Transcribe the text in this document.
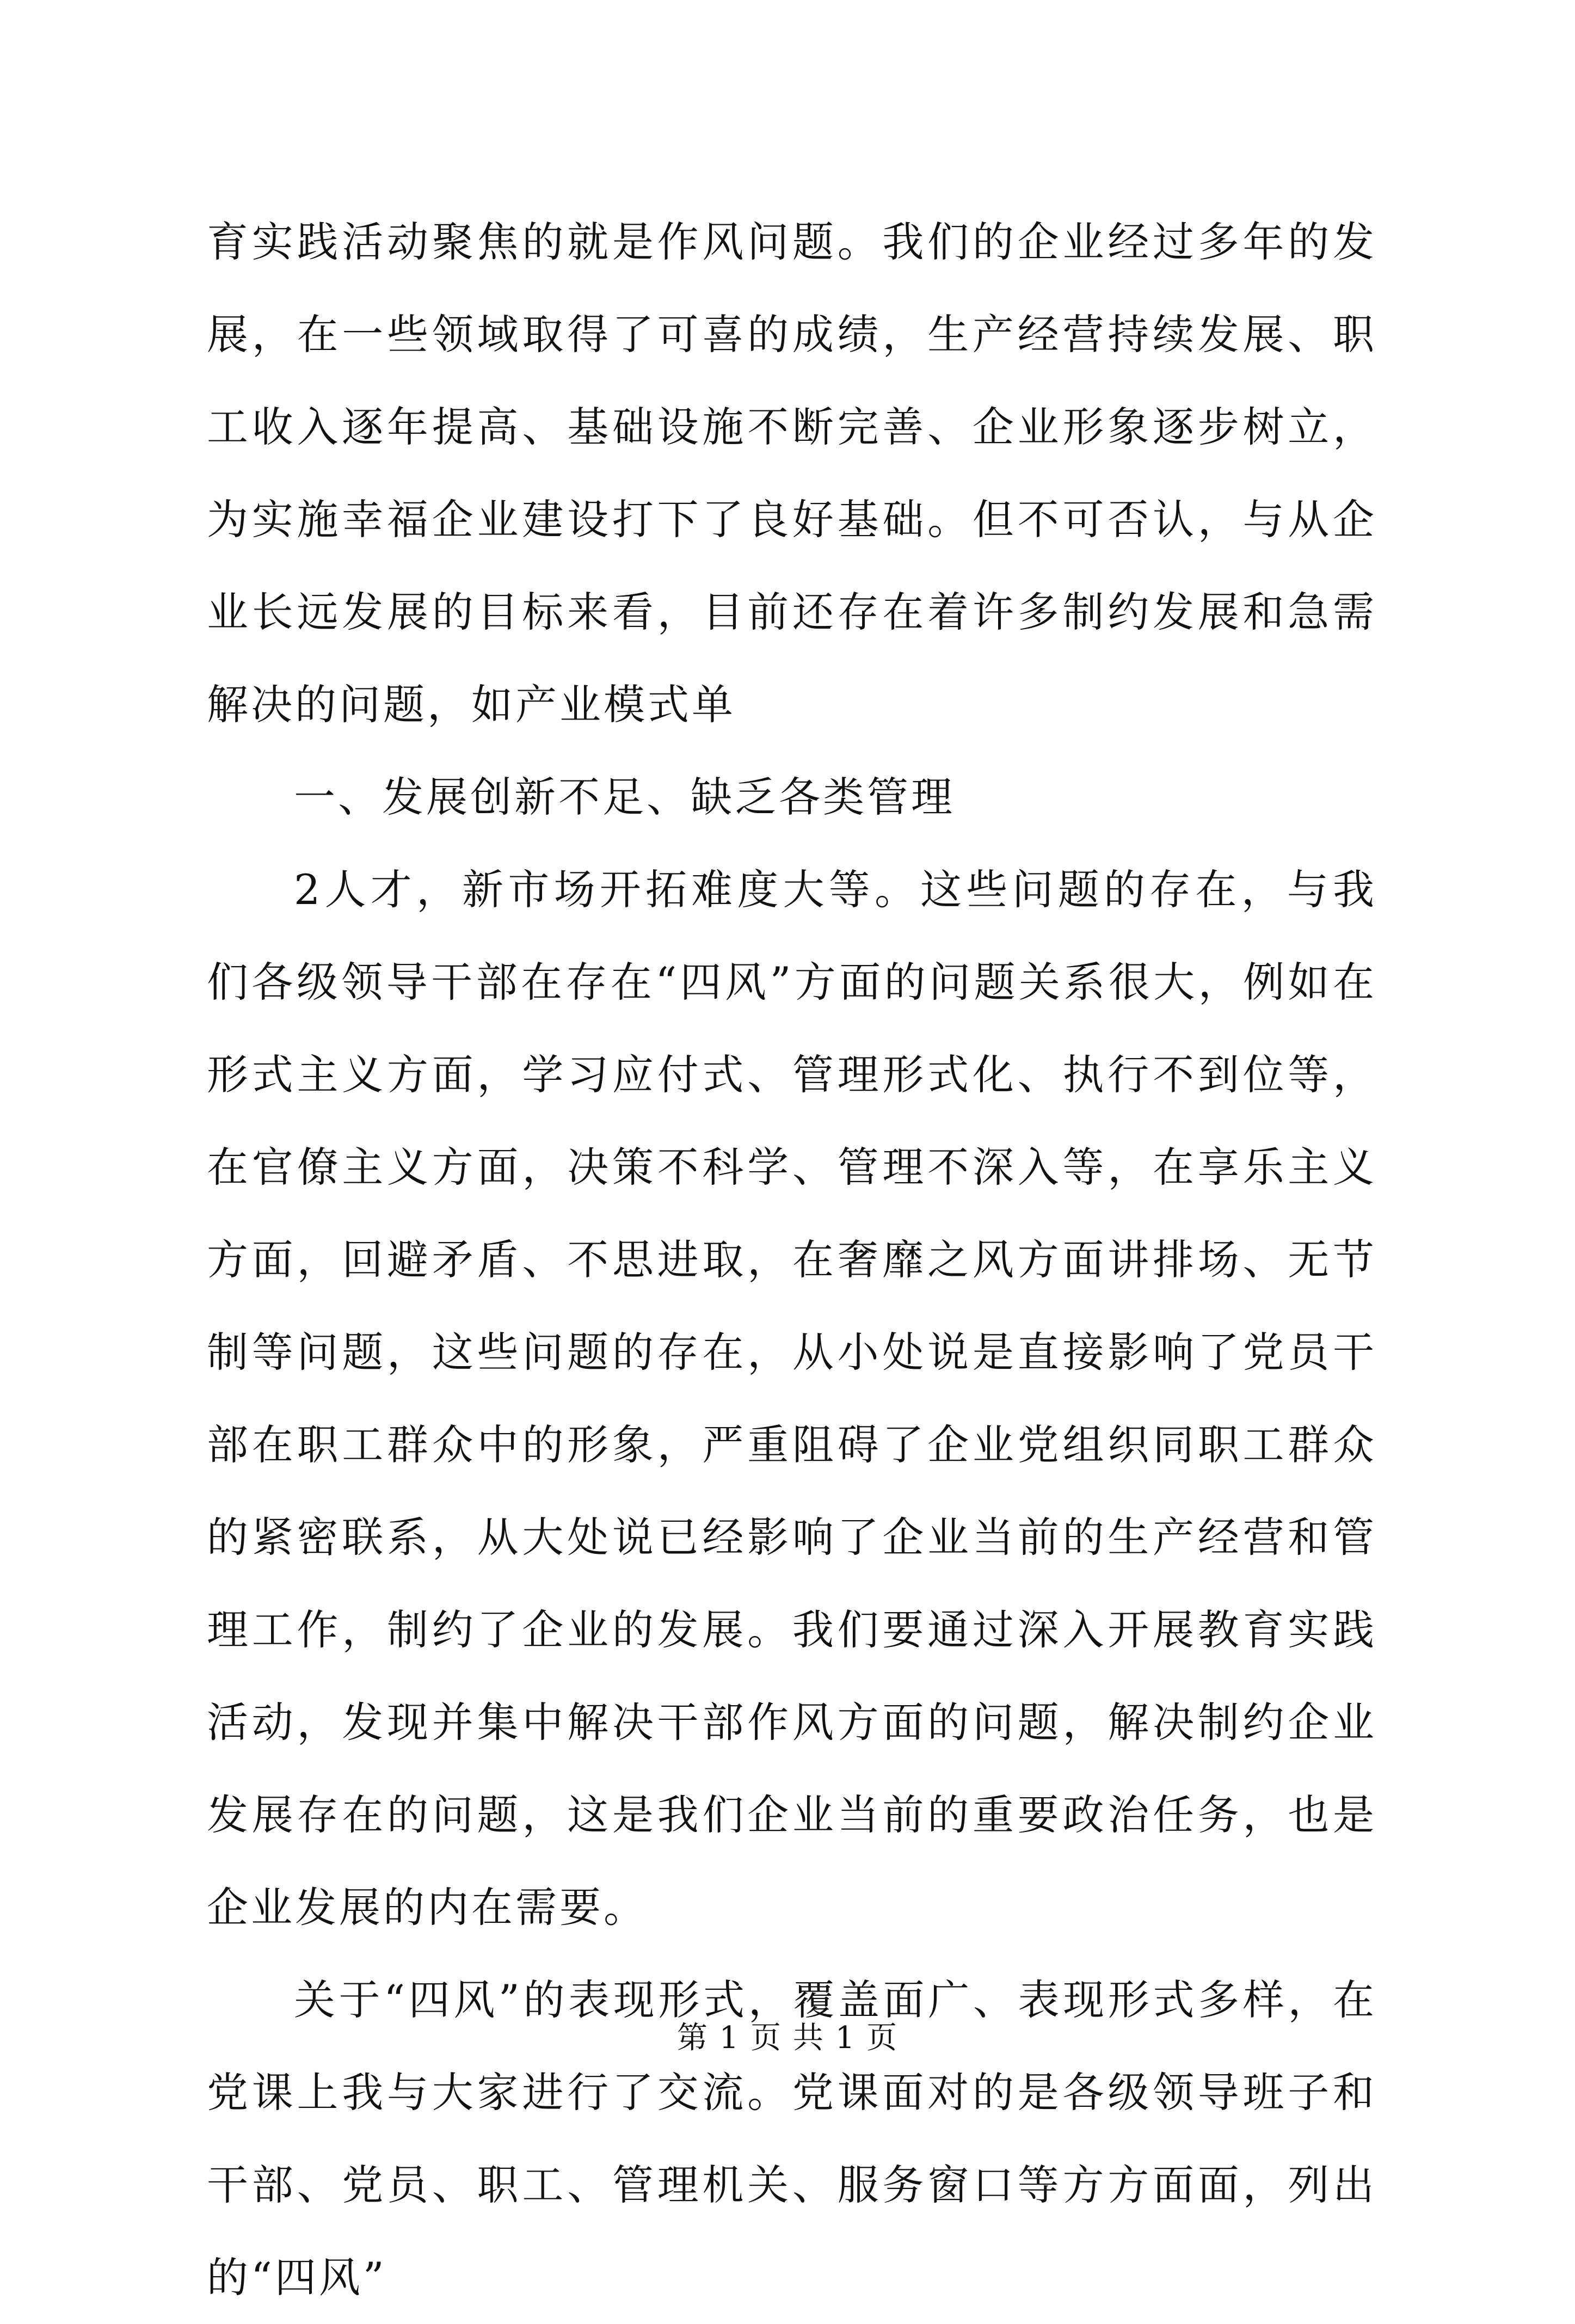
育实践活动聚焦的就是作风问题。我们的企业经过多年的发展，在一些领域取得了可喜的成绩，生产经营持续发展、职工收入逐年提高、基础设施不断完善、企业形象逐步树立，为实施幸福企业建设打下了良好基础。但不可否认，与从企业长远发展的目标来看，目前还存在着许多制约发展和急需解决的问题，如产业模式单

一、发展创新不足、缺乏各类管理

2人才，新市场开拓难度大等。这些问题的存在，与我们各级领导干部在存在“四风”方面的问题关系很大，例如在形式主义方面，学习应付式、管理形式化、执行不到位等，在官僚主义方面，决策不科学、管理不深入等，在享乐主义方面，回避矛盾、不思进取，在奢靡之风方面讲排场、无节制等问题，这些问题的存在，从小处说是直接影响了党员干部在职工群众中的形象，严重阻碍了企业党组织同职工群众的紧密联系，从大处说已经影响了企业当前的生产经营和管理工作，制约了企业的发展。我们要通过深入开展教育实践活动，发现并集中解决干部作风方面的问题，解决制约企业发展存在的问题，这是我们企业当前的重要政治任务，也是企业发展的内在需要。

关于“四风”的表现形式，覆盖面广、表现形式多样，在党课上我与大家进行了交流。党课面对的是各级领导班子和干部、党员、职工、管理机关、服务窗口等方方面面，列出的“四风”

第 1 页 共 1 页
